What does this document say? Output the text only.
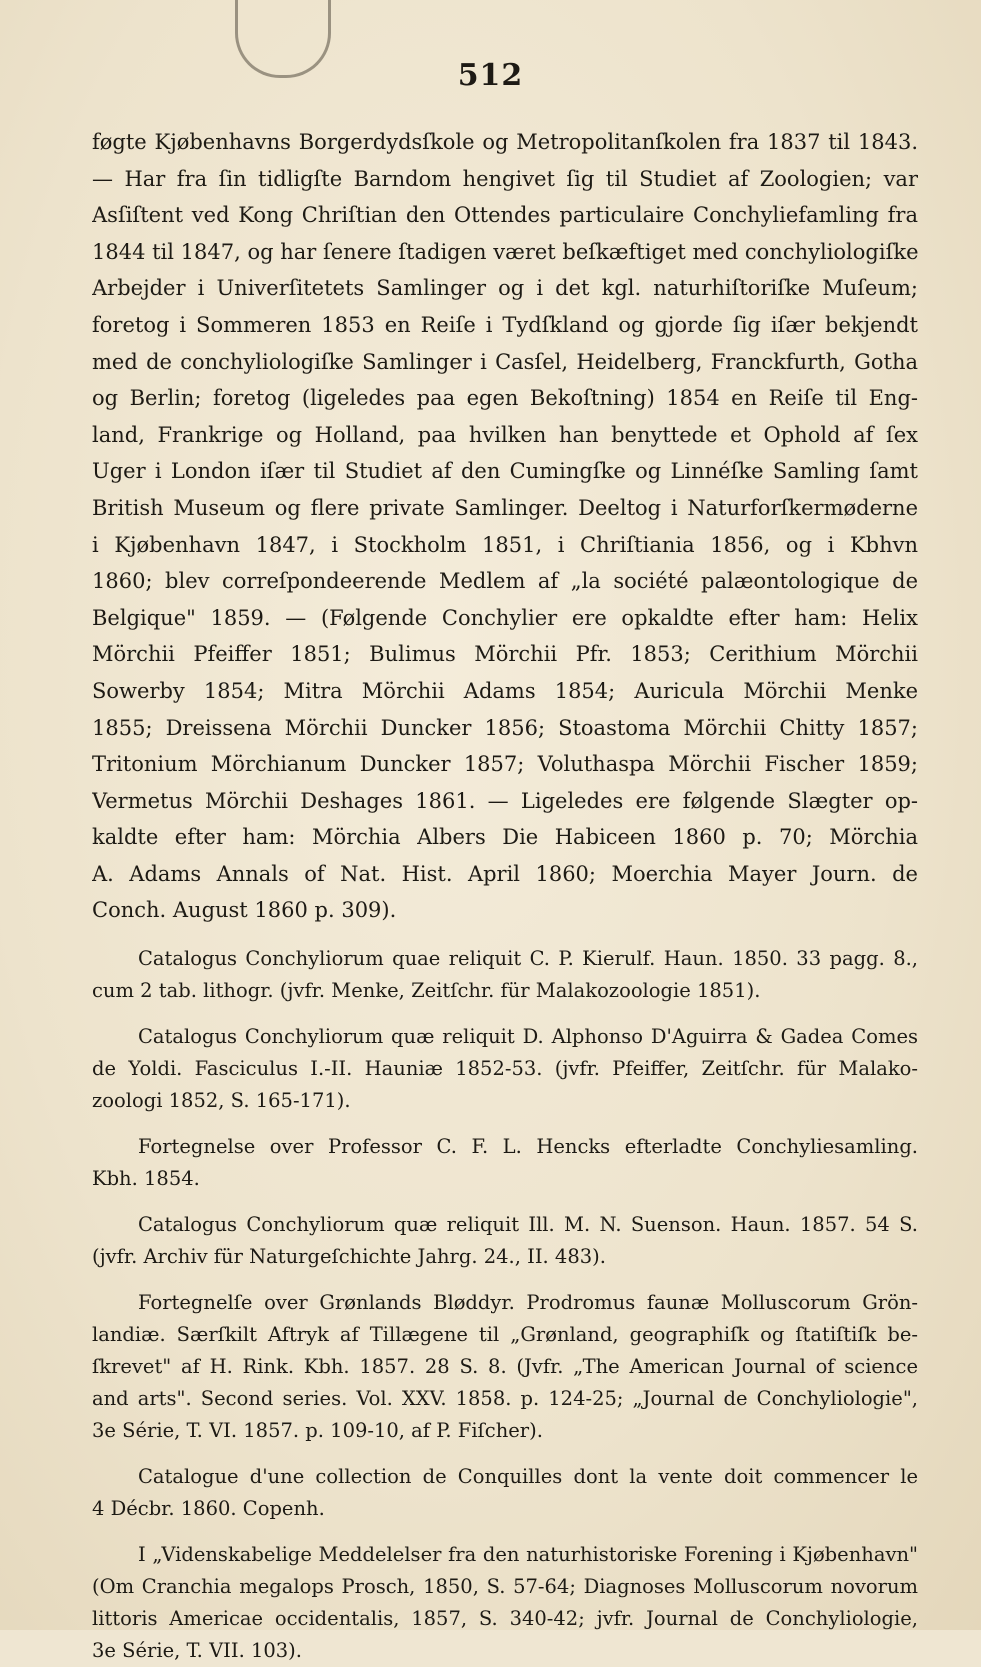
512
føgte Kjøbenhavns Borgerdydsſkole og Metropolitanſkolen fra 1837 til 1843.
— Har fra ſin tidligſte Barndom hengivet ſig til Studiet af Zoologien; var
Asſiſtent ved Kong Chriſtian den Ottendes particulaire Conchyliefamling fra
1844 til 1847, og har ſenere ſtadigen været beſkæftiget med conchyliologiſke
Arbejder i Univerſitetets Samlinger og i det kgl. naturhiſtoriſke Muſeum;
foretog i Sommeren 1853 en Reiſe i Tydſkland og gjorde ſig iſær bekjendt
med de conchyliologiſke Samlinger i Casſel, Heidelberg, Franckfurth, Gotha
og Berlin; foretog (ligeledes paa egen Bekoſtning) 1854 en Reiſe til Eng-
land, Frankrige og Holland, paa hvilken han benyttede et Ophold af ſex
Uger i London iſær til Studiet af den Cumingſke og Linnéſke Samling ſamt
British Museum og flere private Samlinger. Deeltog i Naturforſkermøderne
i Kjøbenhavn 1847, i Stockholm 1851, i Chriſtiania 1856, og i Kbhvn
1860; blev correſpondeerende Medlem af „la société palæontologique de
Belgique" 1859. — (Følgende Conchylier ere opkaldte efter ham: Helix
Mörchii Pfeiffer 1851; Bulimus Mörchii Pfr. 1853; Cerithium Mörchii
Sowerby 1854; Mitra Mörchii Adams 1854; Auricula Mörchii Menke
1855; Dreissena Mörchii Duncker 1856; Stoastoma Mörchii Chitty 1857;
Tritonium Mörchianum Duncker 1857; Voluthaspa Mörchii Fischer 1859;
Vermetus Mörchii Deshages 1861. — Ligeledes ere følgende Slægter op-
kaldte efter ham: Mörchia Albers Die Habiceen 1860 p. 70; Mörchia
A. Adams Annals of Nat. Hist. April 1860; Moerchia Mayer Journ. de
Conch. August 1860 p. 309).
Catalogus Conchyliorum quae reliquit C. P. Kierulf. Haun. 1850. 33 pagg. 8.,
cum 2 tab. lithogr. (jvfr. Menke, Zeitſchr. für Malakozoologie 1851).
Catalogus Conchyliorum quæ reliquit D. Alphonso D'Aguirra & Gadea Comes
de Yoldi. Fasciculus I.-II. Hauniæ 1852-53. (jvfr. Pfeiffer, Zeitſchr. für Malako-
zoologi 1852, S. 165-171).
Fortegnelse over Professor C. F. L. Hencks efterladte Conchyliesamling.
Kbh. 1854.
Catalogus Conchyliorum quæ reliquit Ill. M. N. Suenson. Haun. 1857. 54 S.
(jvfr. Archiv für Naturgeſchichte Jahrg. 24., II. 483).
Fortegnelſe over Grønlands Bløddyr. Prodromus faunæ Molluscorum Grön-
landiæ. Særſkilt Aftryk af Tillægene til „Grønland, geographiſk og ſtatiſtiſk be-
ſkrevet" af H. Rink. Kbh. 1857. 28 S. 8. (Jvfr. „The American Journal of science
and arts". Second series. Vol. XXV. 1858. p. 124-25; „Journal de Conchyliologie",
3e Série, T. VI. 1857. p. 109-10, af P. Fiſcher).
Catalogue d'une collection de Conquilles dont la vente doit commencer le
4 Décbr. 1860. Copenh.
I „Videnskabelige Meddelelser fra den naturhistoriske Forening i Kjøbenhavn"
(Om Cranchia megalops Prosch, 1850, S. 57-64; Diagnoses Molluscorum novorum
littoris Americae occidentalis, 1857, S. 340-42; jvfr. Journal de Conchyliologie,
3e Série, T. VII. 103).
